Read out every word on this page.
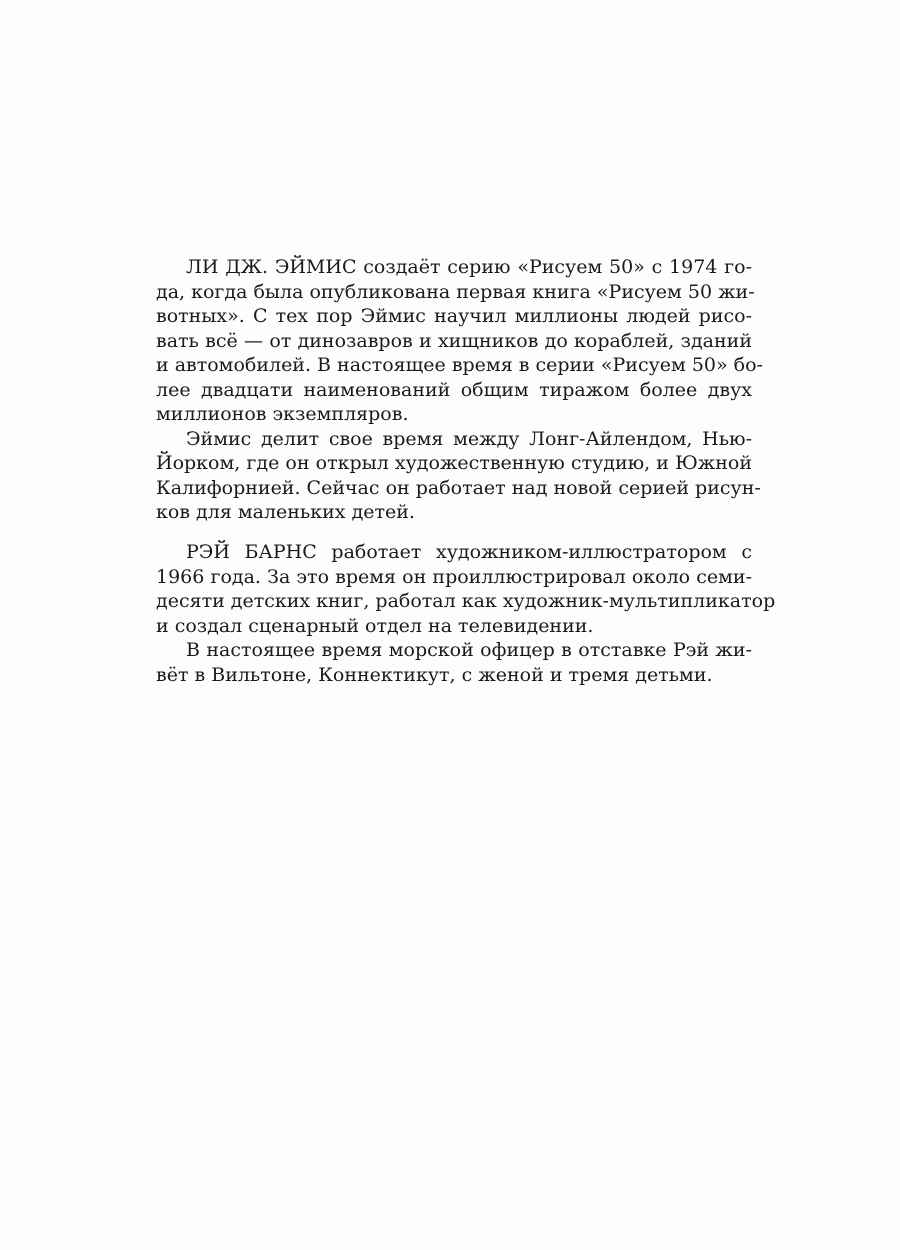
ЛИ ДЖ. ЭЙМИС создаёт серию «Рисуем 50» с 1974 го-
да, когда была опубликована первая книга «Рисуем 50 жи-
вотных». С тех пор Эймис научил миллионы людей рисо-
вать всё — от динозавров и хищников до кораблей, зданий
и автомобилей. В настоящее время в серии «Рисуем 50» бо-
лее двадцати наименований общим тиражом более двух
миллионов экземпляров.
Эймис делит свое время между Лонг-Айлендом, Нью-
Йорком, где он открыл художественную студию, и Южной
Калифорнией. Сейчас он работает над новой серией рисун-
ков для маленьких детей.
РЭЙ БАРНС работает художником-иллюстратором с
1966 года. За это время он проиллюстрировал около семи-
десяти детских книг, работал как художник-мультипликатор
и создал сценарный отдел на телевидении.
В настоящее время морской офицер в отставке Рэй жи-
вёт в Вильтоне, Коннектикут, с женой и тремя детьми.
